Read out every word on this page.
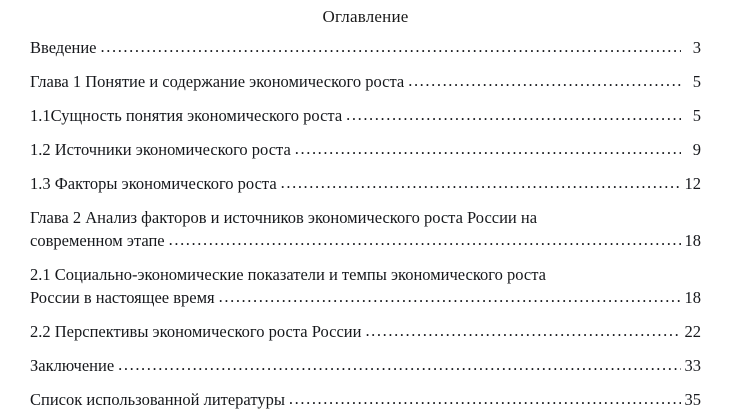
Оглавление
Введение .....	3
Глава 1 Понятие и содержание экономического роста .....	5
1.1Сущность понятия экономического роста .....	5
1.2 Источники экономического роста .....	9
1.3 Факторы экономического роста .....	12
Глава 2 Анализ факторов и источников экономического роста России на
современном этапе .....	18
2.1 Социально-экономические показатели и темпы экономического роста
России в настоящее время .....	18
2.2 Перспективы экономического роста России .....	22
Заключение .....	33
Список использованной литературы .....	35
